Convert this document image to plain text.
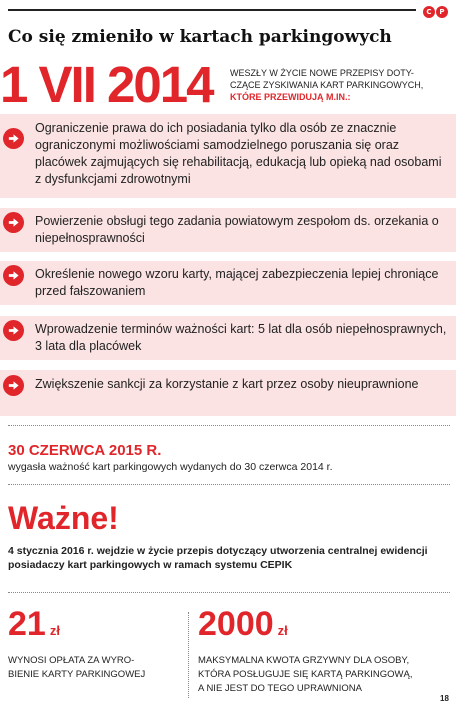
C	P
Co się zmieniło w kartach parkingowych
1 VII 2014 WESZŁY W ŻYCIE NOWE PRZEPISY DOTY-
CZĄCE ZYSKIWANIA KART PARKINGOWYCH,
KTÓRE PRZEWIDUJĄ M.IN.:
Ograniczenie prawa do ich posiadania tylko dla osób ze znacznie ograniczonymi możliwościami samodzielnego poruszania się oraz placówek zajmujących się rehabilitacją, edukacją lub opieką nad osobami z dysfunkcjami zdrowotnymi
Powierzenie obsługi tego zadania powiatowym zespołom ds. orzekania o niepełnosprawności
Określenie nowego wzoru karty, mającej zabezpieczenia lepiej chroniące przed fałszowaniem
Wprowadzenie terminów ważności kart: 5 lat dla osób niepełnosprawnych, 3 lata dla placówek
Zwiększenie sankcji za korzystanie z kart przez osoby nieuprawnione
30 CZERWCA 2015 R.
wygasła ważność kart parkingowych wydanych do 30 czerwca 2014 r.
Ważne!
4 stycznia 2016 r. wejdzie w życie przepis dotyczący utworzenia centralnej ewidencji posiadaczy kart parkingowych w ramach systemu CEPIK
21 zł
WYNOSI OPŁATA ZA WYRO-
BIENIE KARTY PARKINGOWEJ
2000 zł
MAKSYMALNA KWOTA GRZYWNY DLA OSOBY,
KTÓRA POSŁUGUJE SIĘ KARTĄ PARKINGOWĄ,
A NIE JEST DO TEGO UPRAWNIONA
18
